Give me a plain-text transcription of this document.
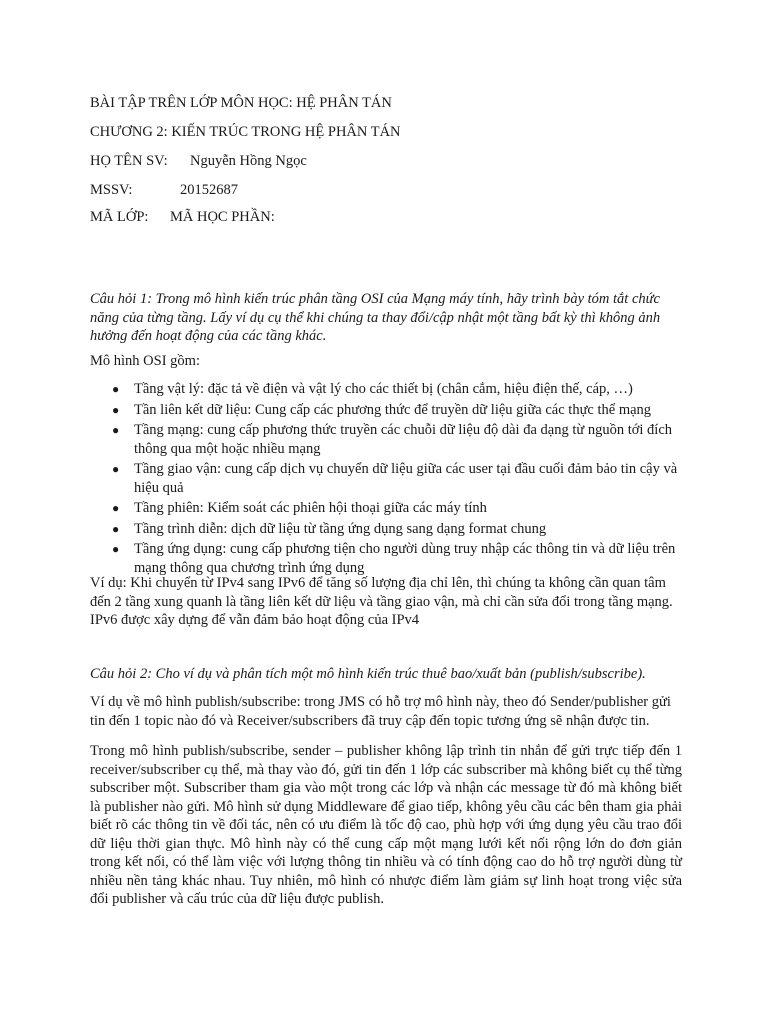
BÀI TẬP TRÊN LỚP MÔN HỌC: HỆ PHÂN TÁN

CHƯƠNG 2: KIẾN TRÚC TRONG HỆ PHÂN TÁN

HỌ TÊN SV: Nguyễn Hồng Ngọc
MSSV:	20152687
MÃ LỚP: MÃ HỌC PHẦN:

Câu hỏi 1: Trong mô hình kiến trúc phân tầng OSI của Mạng máy tính, hãy trình bày tóm tắt chức năng của từng tầng. Lấy ví dụ cụ thể khi chúng ta thay đổi/cập nhật một tầng bất kỳ thì không ảnh hưởng đến hoạt động của các tầng khác.

Mô hình OSI gồm:

● Tầng vật lý: đặc tả về điện và vật lý cho các thiết bị (chân cắm, hiệu điện thế, cáp, …)
● Tần liên kết dữ liệu: Cung cấp các phương thức để truyền dữ liệu giữa các thực thể mạng
● Tầng mạng: cung cấp phương thức truyền các chuỗi dữ liệu độ dài đa dạng từ nguồn tới đích thông qua một hoặc nhiều mạng
● Tầng giao vận: cung cấp dịch vụ chuyển dữ liệu giữa các user tại đầu cuối đảm bảo tin cậy và hiệu quả
● Tầng phiên: Kiểm soát các phiên hội thoại giữa các máy tính
● Tầng trình diễn: dịch dữ liệu từ tầng ứng dụng sang dạng format chung
● Tầng ứng dụng: cung cấp phương tiện cho người dùng truy nhập các thông tin và dữ liệu trên mạng thông qua chương trình ứng dụng

Ví dụ: Khi chuyển từ IPv4 sang IPv6 để tăng số lượng địa chỉ lên, thì chúng ta không cần quan tâm đến 2 tầng xung quanh là tầng liên kết dữ liệu và tầng giao vận, mà chỉ cần sửa đổi trong tầng mạng. IPv6 được xây dựng để vẫn đảm bảo hoạt động của IPv4

Câu hỏi 2: Cho ví dụ và phân tích một mô hình kiến trúc thuê bao/xuất bản (publish/subscribe).

Ví dụ về mô hình publish/subscribe: trong JMS có hỗ trợ mô hình này, theo đó Sender/publisher gửi tin đến 1 topic nào đó và Receiver/subscribers đã truy cập đến topic tương ứng sẽ nhận được tin.

Trong mô hình publish/subscribe, sender – publisher không lập trình tin nhắn để gửi trực tiếp đến 1 receiver/subscriber cụ thể, mà thay vào đó, gửi tin đến 1 lớp các subscriber mà không biết cụ thể từng subscriber một. Subscriber tham gia vào một trong các lớp và nhận các message từ đó mà không biết là publisher nào gửi. Mô hình sử dụng Middleware để giao tiếp, không yêu cầu các bên tham gia phải biết rõ các thông tin về đối tác, nên có ưu điểm là tốc độ cao, phù hợp với ứng dụng yêu cầu trao đổi dữ liệu thời gian thực. Mô hình này có thể cung cấp một mạng lưới kết nối rộng lớn do đơn giản trong kết nối, có thể làm việc với lượng thông tin nhiều và có tính động cao do hỗ trợ người dùng từ nhiều nền tảng khác nhau. Tuy nhiên, mô hình có nhược điểm làm giảm sự linh hoạt trong việc sửa đổi publisher và cấu trúc của dữ liệu được publish.
